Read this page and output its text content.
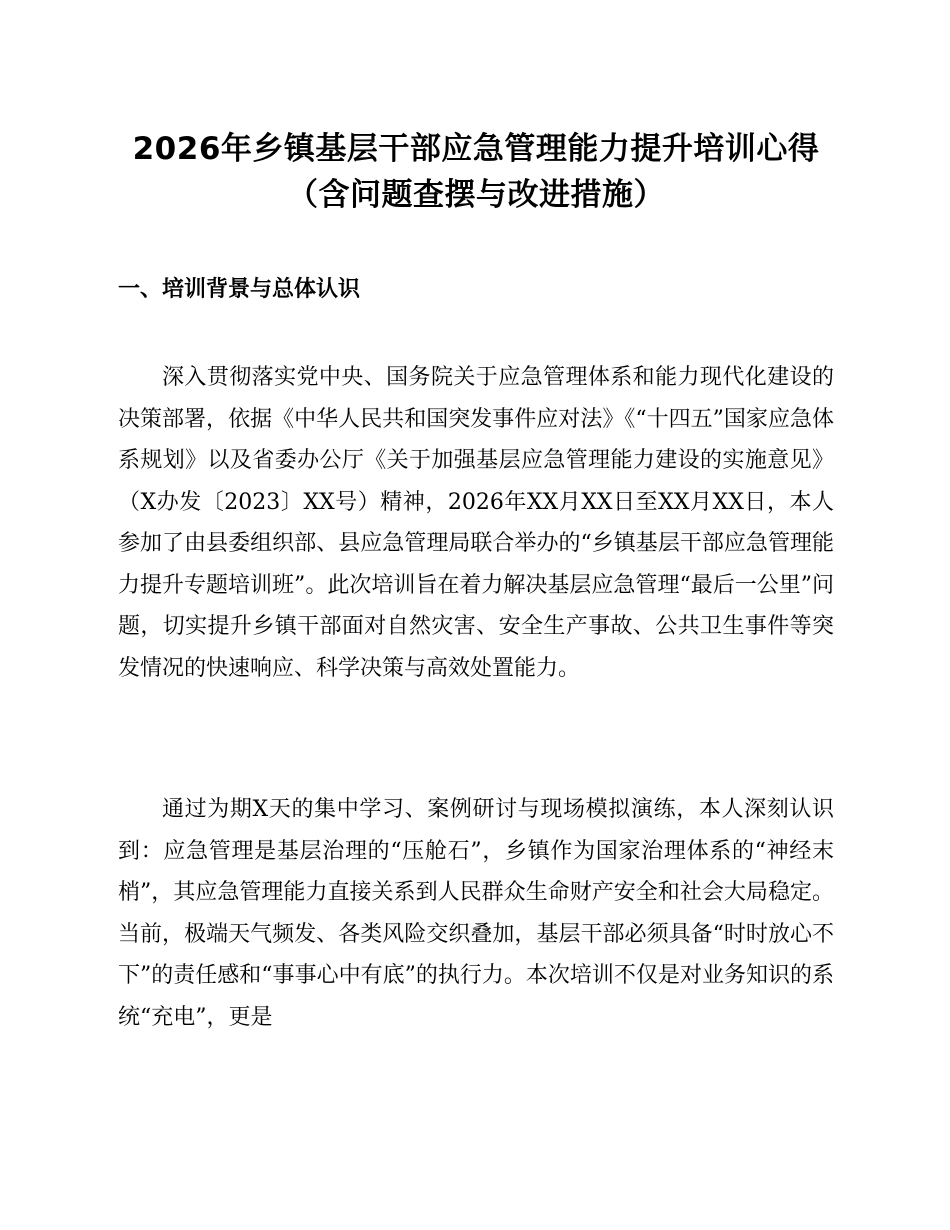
2026年乡镇基层干部应急管理能力提升培训心得（含问题查摆与改进措施）
一、培训背景与总体认识

深入贯彻落实党中央、国务院关于应急管理体系和能力现代化建设的决策部署，依据《中华人民共和国突发事件应对法》《“十四五”国家应急体系规划》以及省委办公厅《关于加强基层应急管理能力建设的实施意见》（X办发〔2023〕XX号）精神，2026年XX月XX日至XX月XX日，本人参加了由县委组织部、县应急管理局联合举办的“乡镇基层干部应急管理能力提升专题培训班”。此次培训旨在着力解决基层应急管理“最后一公里”问题，切实提升乡镇干部面对自然灾害、安全生产事故、公共卫生事件等突发情况的快速响应、科学决策与高效处置能力。

通过为期X天的集中学习、案例研讨与现场模拟演练，本人深刻认识到：应急管理是基层治理的“压舱石”，乡镇作为国家治理体系的“神经末梢”，其应急管理能力直接关系到人民群众生命财产安全和社会大局稳定。当前，极端天气频发、各类风险交织叠加，基层干部必须具备“时时放心不下”的责任感和“事事心中有底”的执行力。本次培训不仅是对业务知识的系统“充电”，更是
